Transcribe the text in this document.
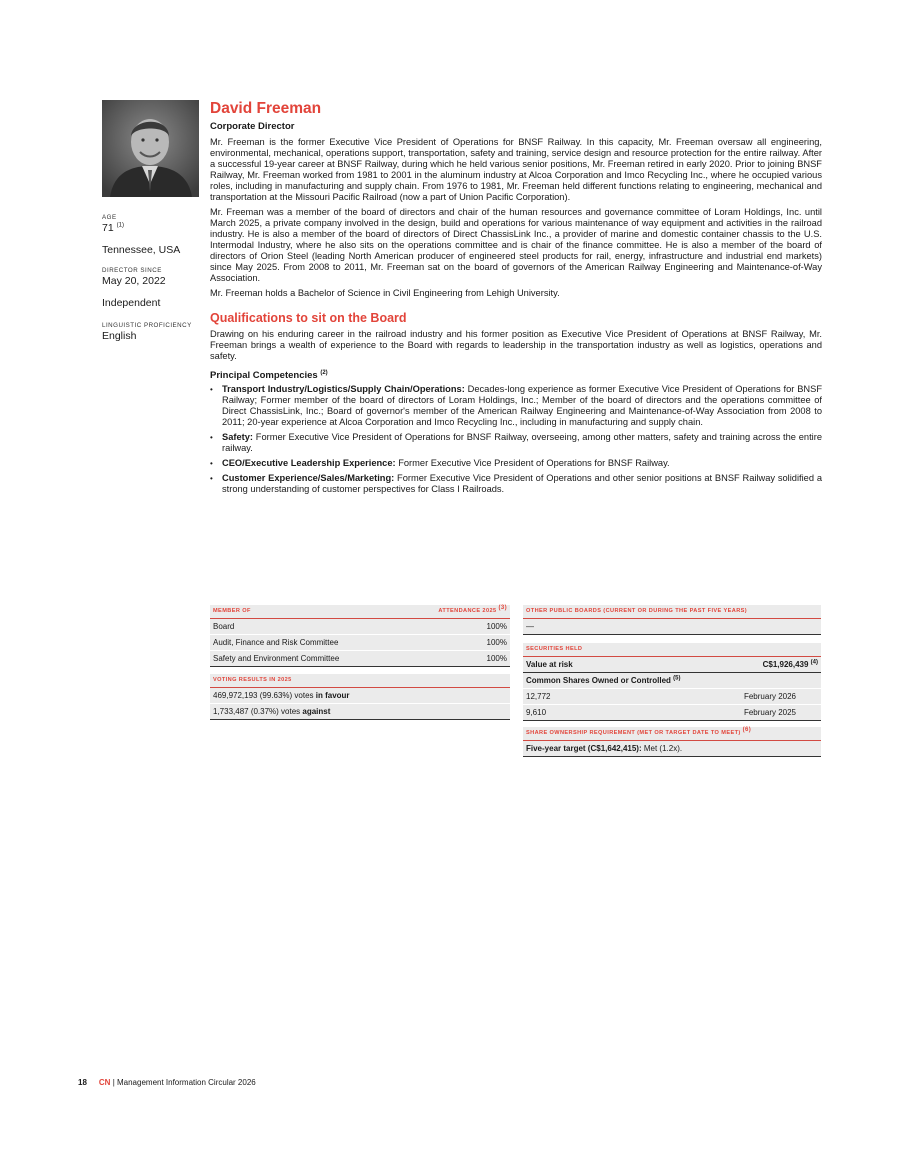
AGE
71 $^{(1)}$
Tennessee, USA
DIRECTOR SINCE
May 20, 2022
Independent
LINGUISTIC PROFICIENCY
English
David Freeman
Corporate Director

Mr. Freeman is the former Executive Vice President of Operations for BNSF Railway. In this capacity, Mr. Freeman oversaw all engineering, environmental, mechanical, operations support, transportation, safety and training, service design and resource protection for the entire railway. After a successful 19-year career at BNSF Railway, during which he held various senior positions, Mr. Freeman retired in early 2020. Prior to joining BNSF Railway, Mr. Freeman worked from 1981 to 2001 in the aluminum industry at Alcoa Corporation and Imco Recycling Inc., where he occupied various roles, including in manufacturing and supply chain. From 1976 to 1981, Mr. Freeman held different functions relating to engineering, mechanical and transportation at the Missouri Pacific Railroad (now a part of Union Pacific Corporation).

Mr. Freeman was a member of the board of directors and chair of the human resources and governance committee of Loram Holdings, Inc. until March 2025, a private company involved in the design, build and operations for various maintenance of way equipment and activities in the railroad industry. He is also a member of the board of directors of Direct ChassisLink Inc., a provider of marine and domestic container chassis to the U.S. Intermodal Industry, where he also sits on the operations committee and is chair of the finance committee. He is also a member of the board of directors of Orion Steel (leading North American producer of engineered steel products for rail, energy, infrastructure and industrial end markets) since May 2025. From 2008 to 2011, Mr. Freeman sat on the board of governors of the American Railway Engineering and Maintenance-of-Way Association.

Mr. Freeman holds a Bachelor of Science in Civil Engineering from Lehigh University.

Qualifications to sit on the Board

Drawing on his enduring career in the railroad industry and his former position as Executive Vice President of Operations at BNSF Railway, Mr. Freeman brings a wealth of experience to the Board with regards to leadership in the transportation industry as well as logistics, operations and safety.

Principal Competencies $^{(2)}$
• Transport Industry/Logistics/Supply Chain/Operations: Decades-long experience as former Executive Vice President of Operations for BNSF Railway; Former member of the board of directors of Loram Holdings, Inc.; Member of the board of directors and the operations committee of Direct ChassisLink, Inc.; Board of governor's member of the American Railway Engineering and Maintenance-of-Way Association from 2008 to 2011; 20-year experience at Alcoa Corporation and Imco Recycling Inc., including in manufacturing and supply chain.
• Safety: Former Executive Vice President of Operations for BNSF Railway, overseeing, among other matters, safety and training across the entire railway.
• CEO/Executive Leadership Experience: Former Executive Vice President of Operations for BNSF Railway.
• Customer Experience/Sales/Marketing: Former Executive Vice President of Operations and other senior positions at BNSF Railway solidified a strong understanding of customer perspectives for Class I Railroads.
MEMBER OF	ATTENDANCE 2025 $^{(3)}$
Board	100%
Audit, Finance and Risk Committee	100%
Safety and Environment Committee	100%
VOTING RESULTS IN 2025
469,972,193 (99.63%) votes in favour
1,733,487 (0.37%) votes against
OTHER PUBLIC BOARDS (CURRENT OR DURING THE PAST FIVE YEARS)
—
SECURITIES HELD
Value at risk	C$1,926,439 $^{(4)}$
Common Shares Owned or Controlled $^{(5)}$
12,772	February 2026
9,610	February 2025
SHARE OWNERSHIP REQUIREMENT (MET OR TARGET DATE TO MEET) $^{(6)}$
Five-year target (C$1,642,415): Met (1.2x).
18 CN | Management Information Circular 2026
